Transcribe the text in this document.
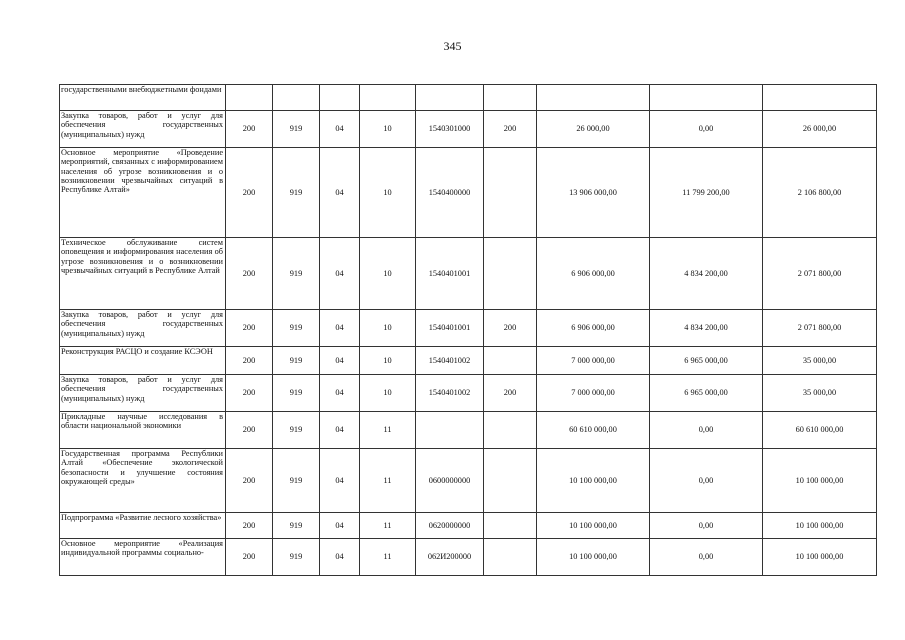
345
государственными внебюджетными фондами									
Закупка товаров, работ и услуг для обеспечения государственных (муниципальных) нужд	200	919	04	10	1540301000	200	26 000,00	0,00	26 000,00
Основное мероприятие «Проведение мероприятий, связанных с информированием населения об угрозе возникновения и о возникновении чрезвычайных ситуаций в Республике Алтай»	200	919	04	10	1540400000		13 906 000,00	11 799 200,00	2 106 800,00
Техническое обслуживание систем оповещения и информирования населения об угрозе возникновения и о возникновении чрезвычайных ситуаций в Республике Алтай	200	919	04	10	1540401001		6 906 000,00	4 834 200,00	2 071 800,00
Закупка товаров, работ и услуг для обеспечения государственных (муниципальных) нужд	200	919	04	10	1540401001	200	6 906 000,00	4 834 200,00	2 071 800,00
Реконструкция РАСЦО и создание КСЭОН	200	919	04	10	1540401002		7 000 000,00	6 965 000,00	35 000,00
Закупка товаров, работ и услуг для обеспечения государственных (муниципальных) нужд	200	919	04	10	1540401002	200	7 000 000,00	6 965 000,00	35 000,00
Прикладные научные исследования в области национальной экономики	200	919	04	11			60 610 000,00	0,00	60 610 000,00
Государственная программа Республики Алтай «Обеспечение экологической безопасности и улучшение состояния окружающей среды»	200	919	04	11	0600000000		10 100 000,00	0,00	10 100 000,00
Подпрограмма «Развитие лесного хозяйства»	200	919	04	11	0620000000		10 100 000,00	0,00	10 100 000,00
Основное мероприятие «Реализация индивидуальной программы социально-	200	919	04	11	062И200000		10 100 000,00	0,00	10 100 000,00
